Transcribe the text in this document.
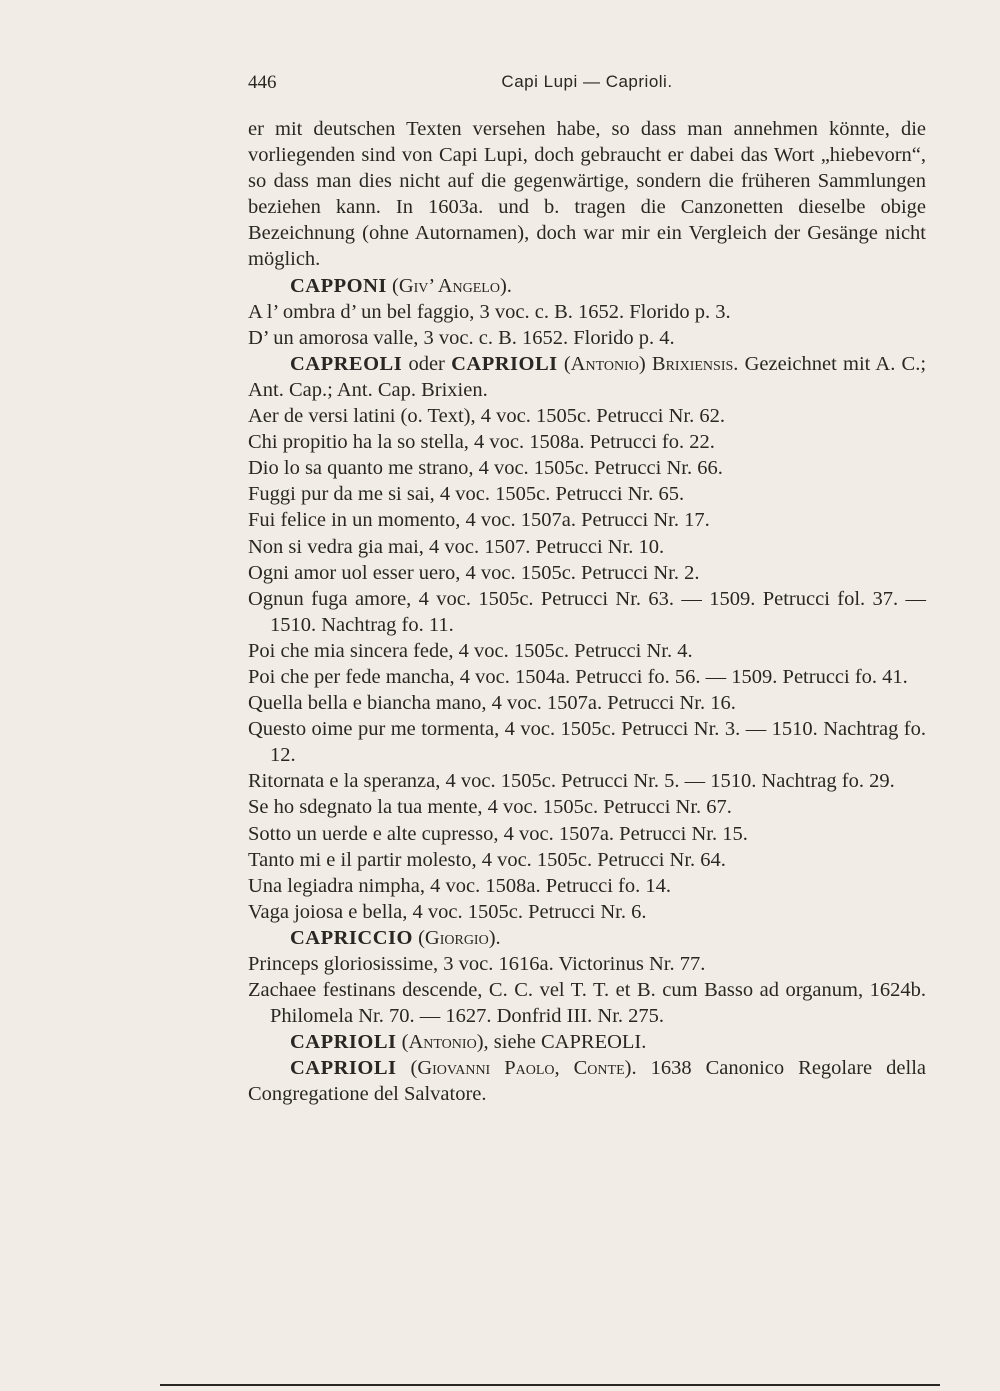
446	Capi Lupi — Caprioli.
er mit deutschen Texten versehen habe, so dass man annehmen könnte, die vorliegenden sind von Capi Lupi, doch gebraucht er dabei das Wort „hiebevorn“, so dass man dies nicht auf die gegenwärtige, sondern die früheren Sammlungen beziehen kann. In 1603a. und b. tragen die Canzonetten dieselbe obige Bezeichnung (ohne Autornamen), doch war mir ein Vergleich der Gesänge nicht möglich.
CAPPONI (Giv’ Angelo).
A l’ ombra d’ un bel faggio, 3 voc. c. B. 1652. Florido p. 3.
D’ un amorosa valle, 3 voc. c. B. 1652. Florido p. 4.
CAPREOLI oder CAPRIOLI (Antonio) Brixiensis. Gezeichnet mit A. C.; Ant. Cap.; Ant. Cap. Brixien.
Aer de versi latini (o. Text), 4 voc. 1505c. Petrucci Nr. 62.
Chi propitio ha la so stella, 4 voc. 1508a. Petrucci fo. 22.
Dio lo sa quanto me strano, 4 voc. 1505c. Petrucci Nr. 66.
Fuggi pur da me si sai, 4 voc. 1505c. Petrucci Nr. 65.
Fui felice in un momento, 4 voc. 1507a. Petrucci Nr. 17.
Non si vedra gia mai, 4 voc. 1507. Petrucci Nr. 10.
Ogni amor uol esser uero, 4 voc. 1505c. Petrucci Nr. 2.
Ognun fuga amore, 4 voc. 1505c. Petrucci Nr. 63. — 1509. Petrucci fol. 37. — 1510. Nachtrag fo. 11.
Poi che mia sincera fede, 4 voc. 1505c. Petrucci Nr. 4.
Poi che per fede mancha, 4 voc. 1504a. Petrucci fo. 56. — 1509. Petrucci fo. 41.
Quella bella e biancha mano, 4 voc. 1507a. Petrucci Nr. 16.
Questo oime pur me tormenta, 4 voc. 1505c. Petrucci Nr. 3. — 1510. Nachtrag fo. 12.
Ritornata e la speranza, 4 voc. 1505c. Petrucci Nr. 5. — 1510. Nachtrag fo. 29.
Se ho sdegnato la tua mente, 4 voc. 1505c. Petrucci Nr. 67.
Sotto un uerde e alte cupresso, 4 voc. 1507a. Petrucci Nr. 15.
Tanto mi e il partir molesto, 4 voc. 1505c. Petrucci Nr. 64.
Una legiadra nimpha, 4 voc. 1508a. Petrucci fo. 14.
Vaga joiosa e bella, 4 voc. 1505c. Petrucci Nr. 6.
CAPRICCIO (Giorgio).
Princeps gloriosissime, 3 voc. 1616a. Victorinus Nr. 77.
Zachaee festinans descende, C. C. vel T. T. et B. cum Basso ad organum, 1624b. Philomela Nr. 70. — 1627. Donfrid III. Nr. 275.
CAPRIOLI (Antonio), siehe CAPREOLI.
CAPRIOLI (Giovanni Paolo, Conte). 1638 Canonico Regolare della Congregatione del Salvatore.
